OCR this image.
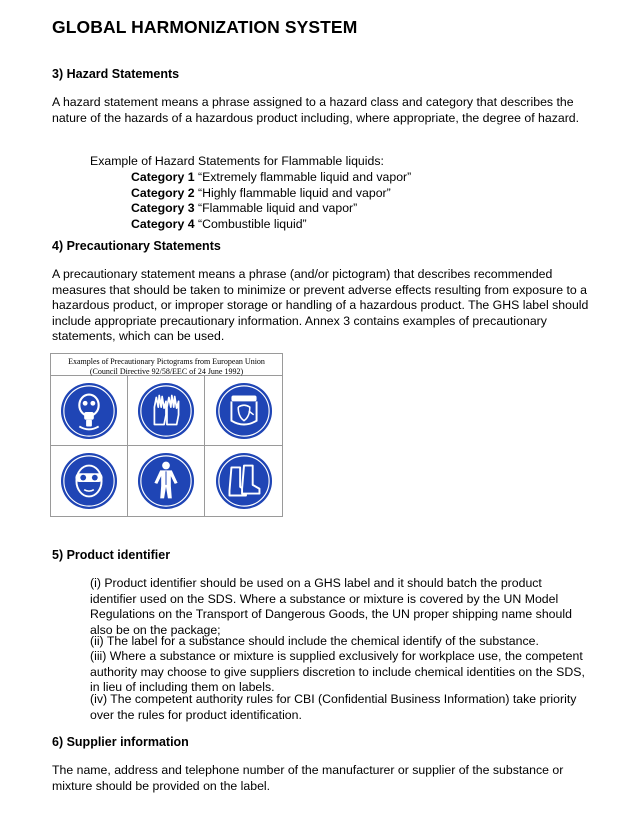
GLOBAL HARMONIZATION SYSTEM
3) Hazard Statements
A hazard statement means a phrase assigned to a hazard class and category that describes the nature of the hazards of a hazardous product including, where appropriate, the degree of hazard.
Example of Hazard Statements for Flammable liquids:
Category 1 “Extremely flammable liquid and vapor”
Category 2 “Highly flammable liquid and vapor”
Category 3 “Flammable liquid and vapor”
Category 4 “Combustible liquid”
4) Precautionary Statements
A precautionary statement means a phrase (and/or pictogram) that describes recommended measures that should be taken to minimize or prevent adverse effects resulting from exposure to a hazardous product, or improper storage or handling of a hazardous product. The GHS label should include appropriate precautionary information. Annex 3 contains examples of precautionary statements, which can be used.
Examples of Precautionary Pictograms from European Union (Council Directive 92/58/EEC of 24 June 1992)
5) Product identifier
(i) Product identifier should be used on a GHS label and it should batch the product identifier used on the SDS. Where a substance or mixture is covered by the UN Model Regulations on the Transport of Dangerous Goods, the UN proper shipping name should also be on the package;
(ii) The label for a substance should include the chemical identify of the substance.
(iii) Where a substance or mixture is supplied exclusively for workplace use, the competent authority may choose to give suppliers discretion to include chemical identities on the SDS, in lieu of including them on labels.
(iv) The competent authority rules for CBI (Confidential Business Information) take priority over the rules for product identification.
6) Supplier information
The name, address and telephone number of the manufacturer or supplier of the substance or mixture should be provided on the label.
